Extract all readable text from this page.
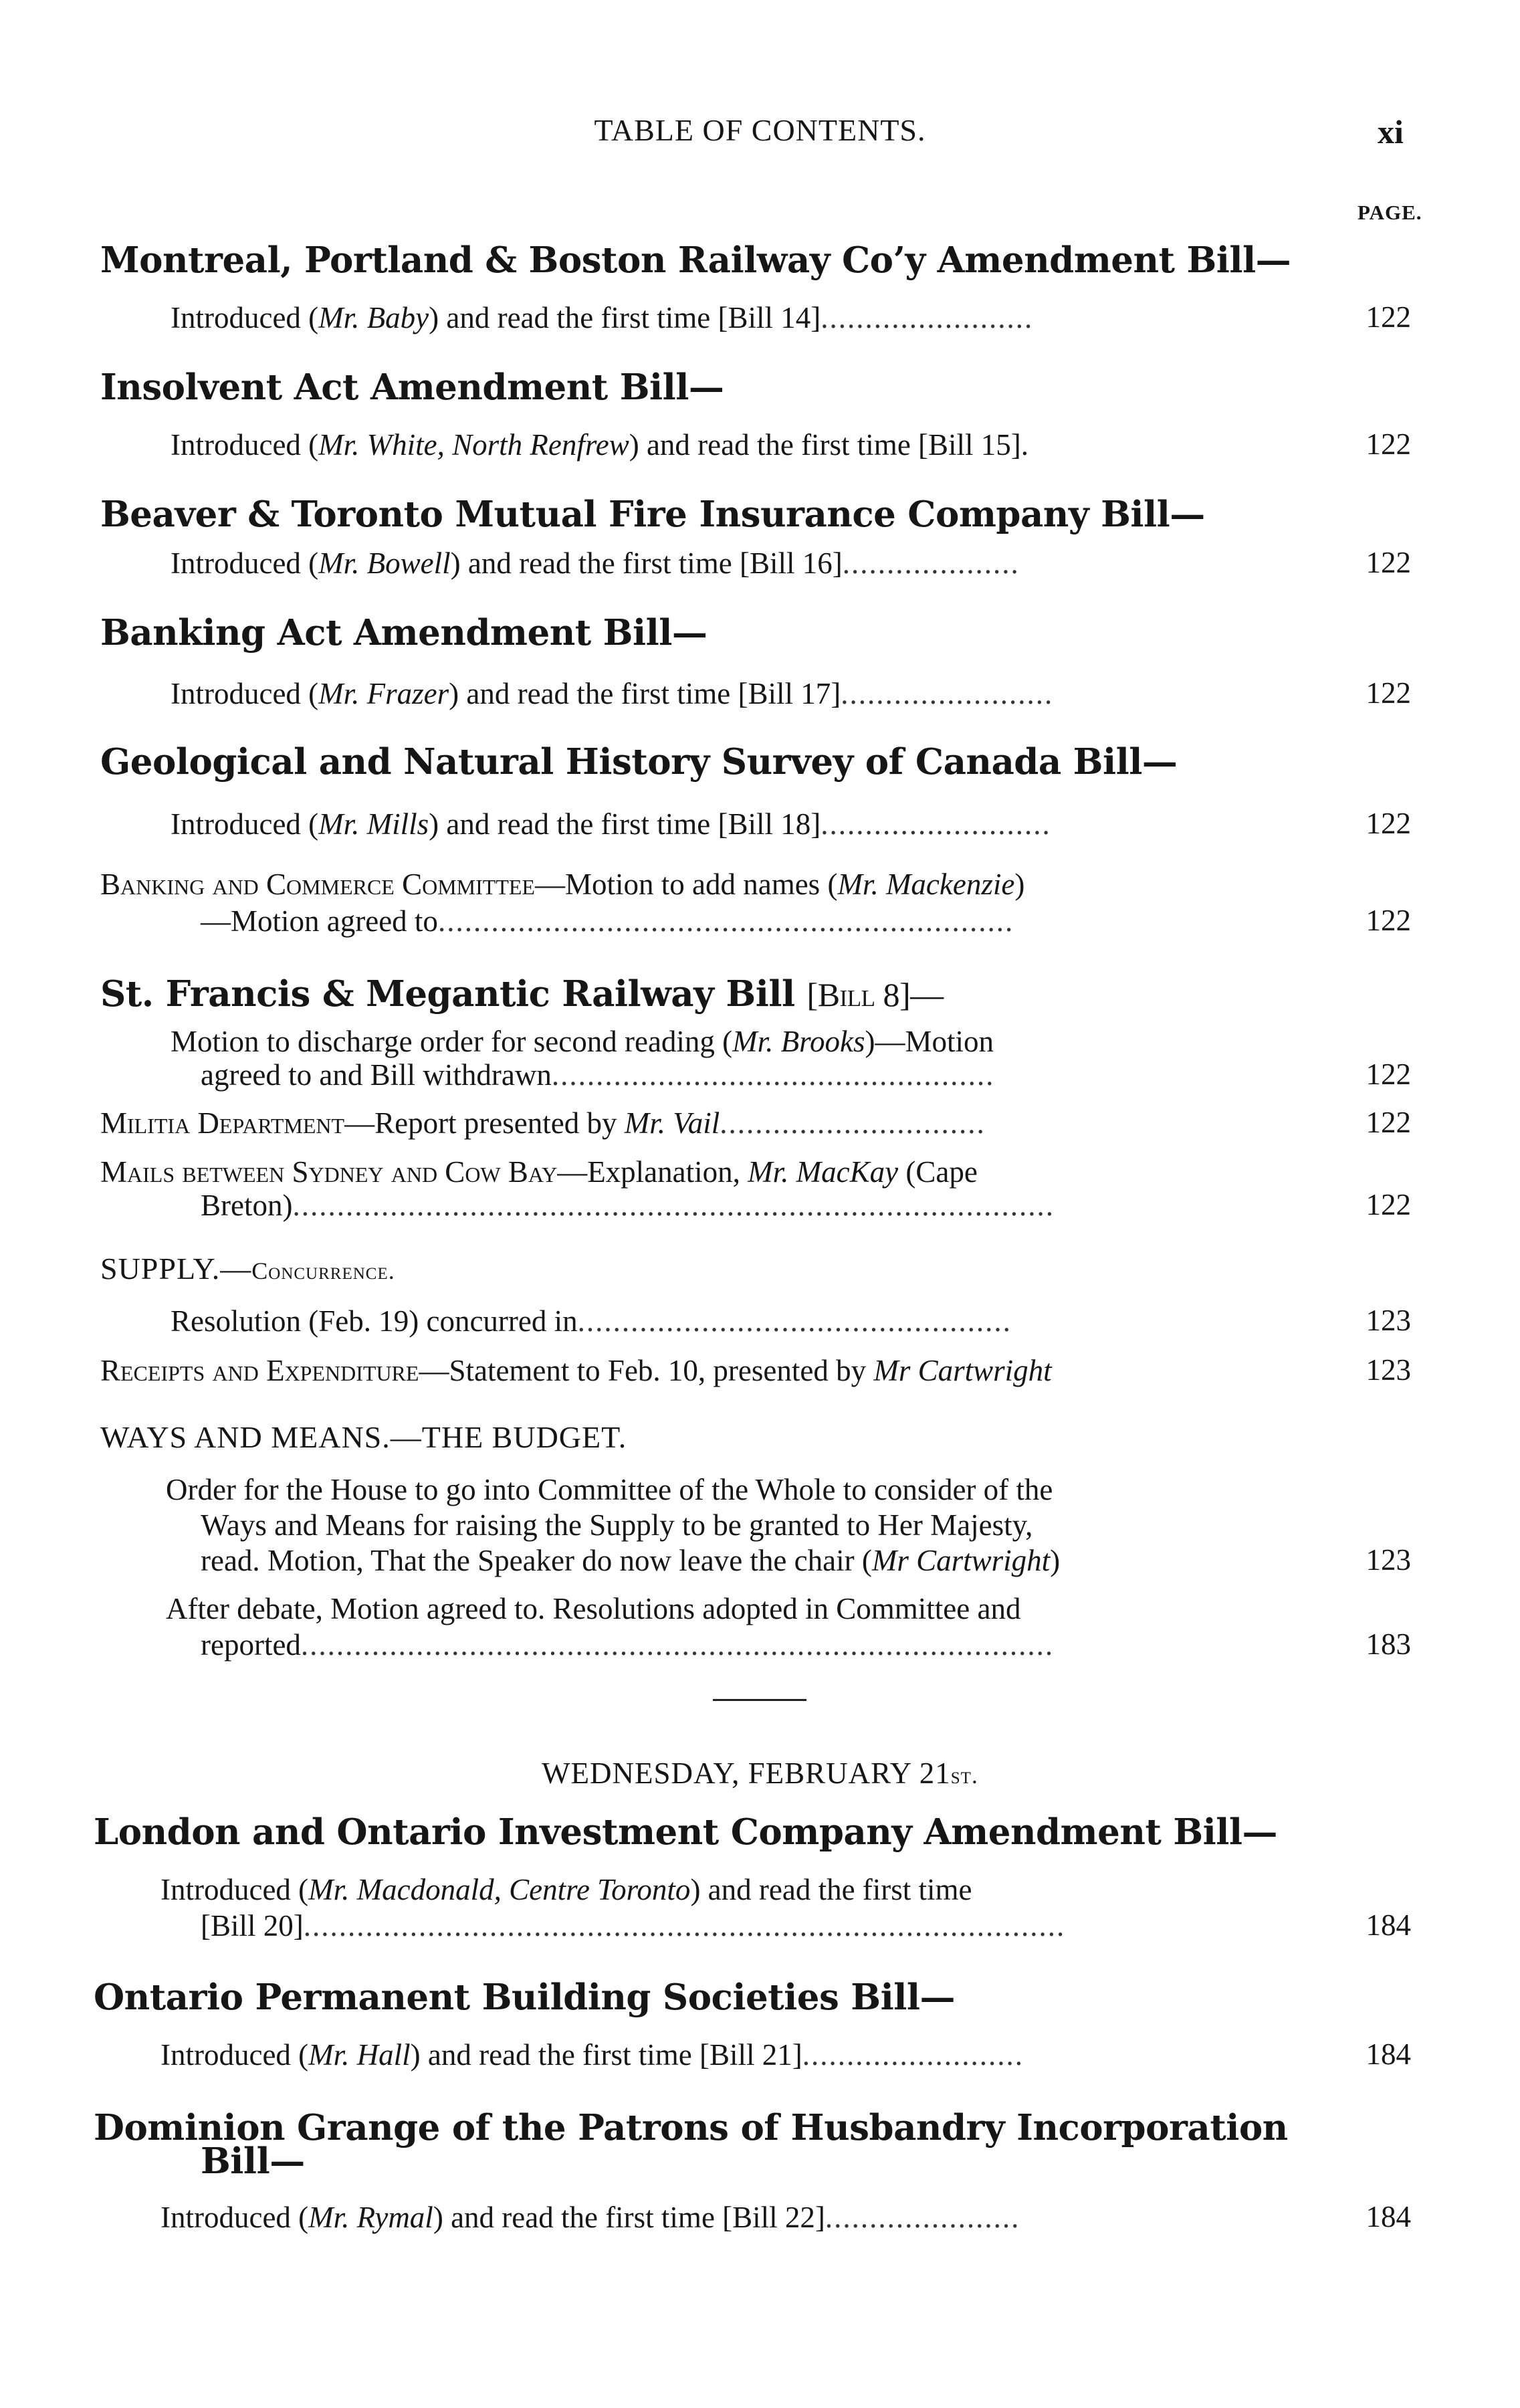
TABLE OF CONTENTS.	xi
PAGE.
Montreal, Portland & Boston Railway Co’y Amendment Bill—
Introduced (Mr. Baby) and read the first time [Bill 14]........................	122
Insolvent Act Amendment Bill—
Introduced (Mr. White, North Renfrew) and read the first time [Bill 15].	122
Beaver & Toronto Mutual Fire Insurance Company Bill—
Introduced (Mr. Bowell) and read the first time [Bill 16]....................	122
Banking Act Amendment Bill—
Introduced (Mr. Frazer) and read the first time [Bill 17]........................	122
Geological and Natural History Survey of Canada Bill—
Introduced (Mr. Mills) and read the first time [Bill 18]..........................	122
Banking and Commerce Committee—Motion to add names (Mr. Mackenzie)
—Motion agreed to.................................................................	122
St. Francis & Megantic Railway Bill [Bill 8]—
Motion to discharge order for second reading (Mr. Brooks)—Motion
agreed to and Bill withdrawn..................................................	122
Militia Department—Report presented by Mr. Vail..............................	122
Mails between Sydney and Cow Bay—Explanation, Mr. MacKay (Cape
Breton)......................................................................................	122
SUPPLY.—Concurrence.
Resolution (Feb. 19) concurred in.................................................	123
Receipts and Expenditure—Statement to Feb. 10, presented by Mr Cartwright	123
WAYS AND MEANS.—THE BUDGET.
Order for the House to go into Committee of the Whole to consider of the
Ways and Means for raising the Supply to be granted to Her Majesty,
read. Motion, That the Speaker do now leave the chair (Mr Cartwright)	123
After debate, Motion agreed to. Resolutions adopted in Committee and
reported.....................................................................................	183
WEDNESDAY, FEBRUARY 21st.
London and Ontario Investment Company Amendment Bill—
Introduced (Mr. Macdonald, Centre Toronto) and read the first time
[Bill 20]......................................................................................	184
Ontario Permanent Building Societies Bill—
Introduced (Mr. Hall) and read the first time [Bill 21].........................	184
Dominion Grange of the Patrons of Husbandry Incorporation
Bill—
Introduced (Mr. Rymal) and read the first time [Bill 22]......................	184
